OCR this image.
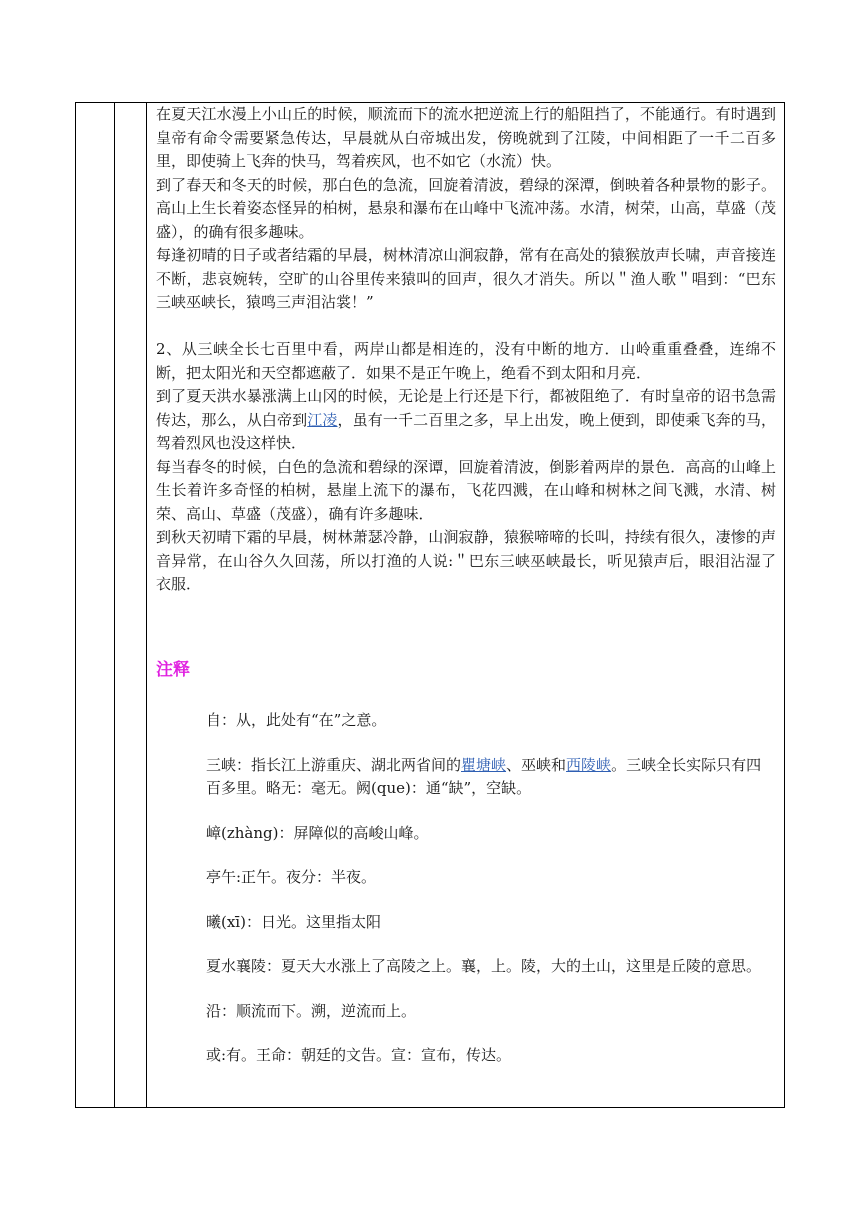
在夏天江水漫上小山丘的时候，顺流而下的流水把逆流上行的船阻挡了，不能通行。有时遇到皇帝有命令需要紧急传达，早晨就从白帝城出发，傍晚就到了江陵，中间相距了一千二百多里，即使骑上飞奔的快马，驾着疾风，也不如它（水流）快。

到了春天和冬天的时候，那白色的急流，回旋着清波，碧绿的深潭，倒映着各种景物的影子。高山上生长着姿态怪异的柏树，悬泉和瀑布在山峰中飞流冲荡。水清，树荣，山高，草盛（茂盛），的确有很多趣味。

每逢初晴的日子或者结霜的早晨，树林清凉山涧寂静，常有在高处的猿猴放声长啸，声音接连不断，悲哀婉转，空旷的山谷里传来猿叫的回声，很久才消失。所以＂渔人歌＂唱到：“巴东三峡巫峡长，猿鸣三声泪沾裳！”

2、从三峡全长七百里中看，两岸山都是相连的，没有中断的地方．山岭重重叠叠，连绵不断，把太阳光和天空都遮蔽了．如果不是正午晚上，绝看不到太阳和月亮．

到了夏天洪水暴涨满上山冈的时候，无论是上行还是下行，都被阻绝了．有时皇帝的诏书急需传达，那么，从白帝到江凌，虽有一千二百里之多，早上出发，晚上便到，即使乘飞奔的马，驾着烈风也没这样快．

每当春冬的时候，白色的急流和碧绿的深谭，回旋着清波，倒影着两岸的景色．高高的山峰上生长着许多奇怪的柏树，悬崖上流下的瀑布，飞花四溅，在山峰和树林之间飞溅，水清、树荣、高山、草盛（茂盛），确有许多趣味．

到秋天初晴下霜的早晨，树林萧瑟冷静，山涧寂静，猿猴啼啼的长叫，持续有很久，凄惨的声音异常，在山谷久久回荡，所以打渔的人说:＂巴东三峡巫峡最长，听见猿声后，眼泪沾湿了衣服．

注释

自：从，此处有“在”之意。

三峡：指长江上游重庆、湖北两省间的瞿塘峡、巫峡和西陵峡。三峡全长实际只有四百多里。略无：毫无。阙(que)：通“缺”，空缺。

嶂(zhàng)：屏障似的高峻山峰。

亭午:正午。夜分：半夜。

曦(xī)：日光。这里指太阳

夏水襄陵：夏天大水涨上了高陵之上。襄，上。陵，大的土山，这里是丘陵的意思。

沿：顺流而下。溯，逆流而上。

或:有。王命：朝廷的文告。宣：宣布，传达。
